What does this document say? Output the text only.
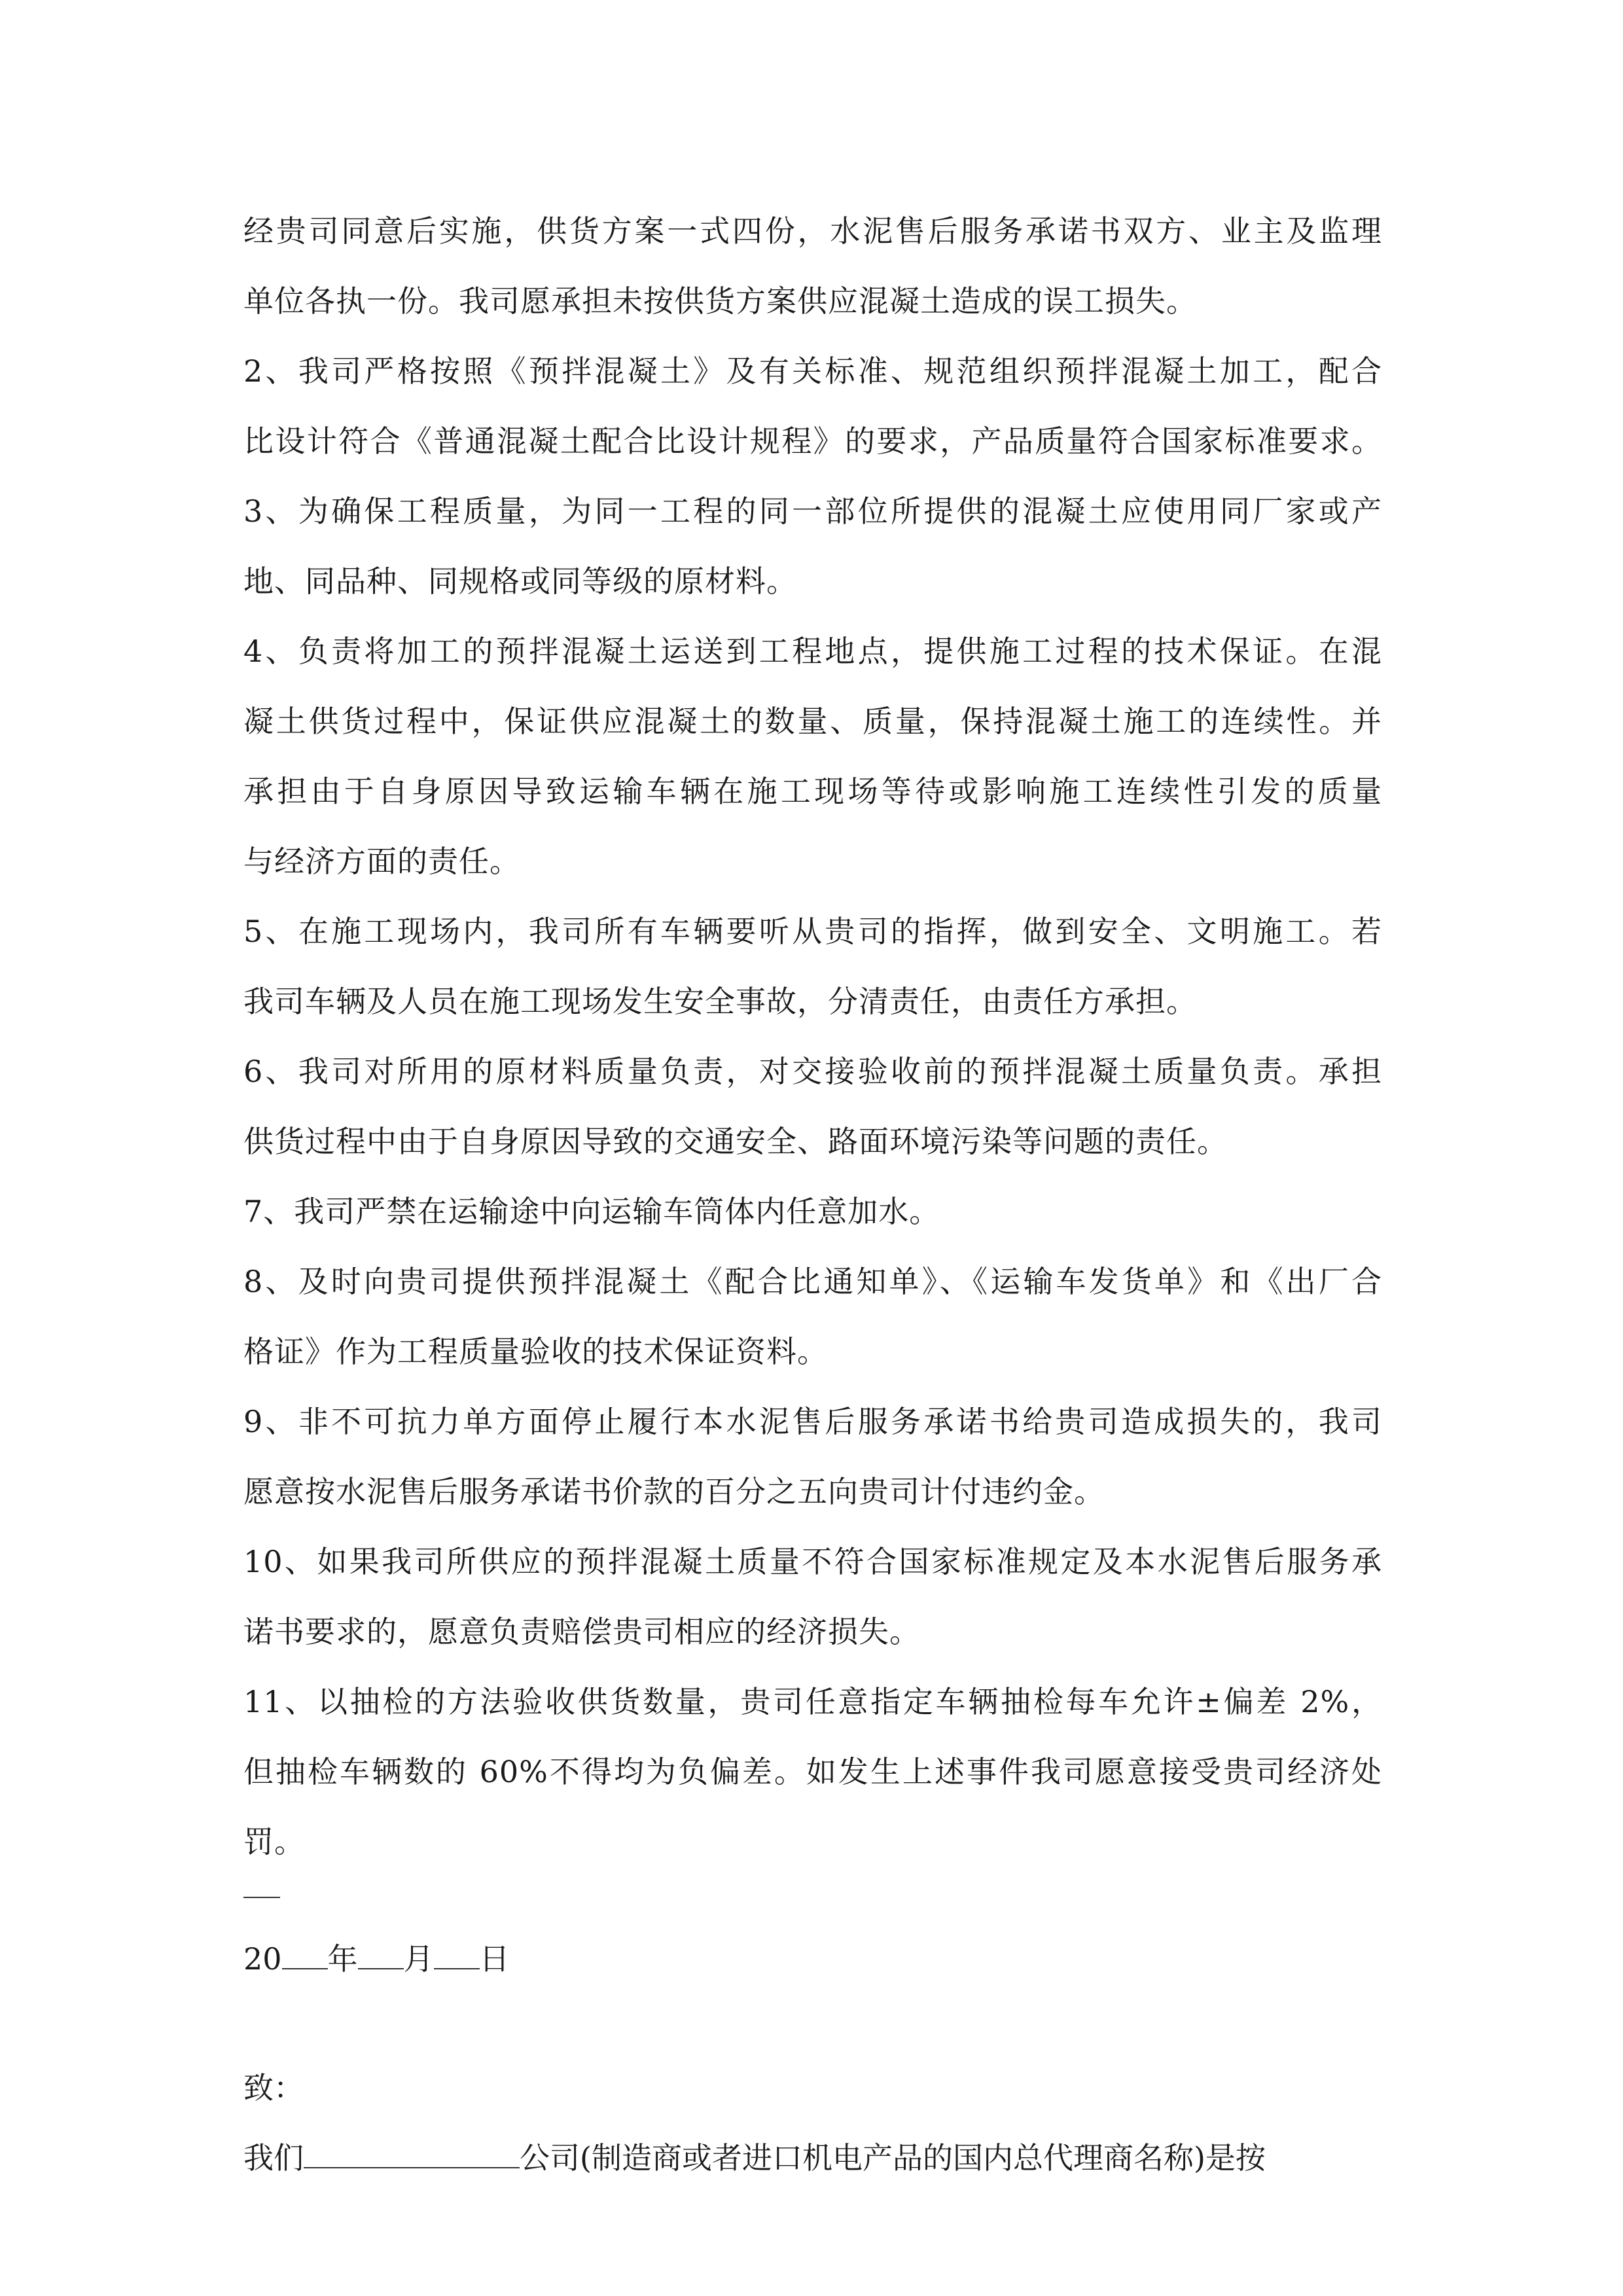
经贵司同意后实施，供货方案一式四份，水泥售后服务承诺书双方、业主及监理
单位各执一份。我司愿承担未按供货方案供应混凝土造成的误工损失。
2、我司严格按照《预拌混凝土》及有关标准、规范组织预拌混凝土加工，配合
比设计符合《普通混凝土配合比设计规程》的要求，产品质量符合国家标准要求。
3、为确保工程质量，为同一工程的同一部位所提供的混凝土应使用同厂家或产
地、同品种、同规格或同等级的原材料。
4、负责将加工的预拌混凝土运送到工程地点，提供施工过程的技术保证。在混
凝土供货过程中，保证供应混凝土的数量、质量，保持混凝土施工的连续性。并
承担由于自身原因导致运输车辆在施工现场等待或影响施工连续性引发的质量
与经济方面的责任。
5、在施工现场内，我司所有车辆要听从贵司的指挥，做到安全、文明施工。若
我司车辆及人员在施工现场发生安全事故，分清责任，由责任方承担。
6、我司对所用的原材料质量负责，对交接验收前的预拌混凝土质量负责。承担
供货过程中由于自身原因导致的交通安全、路面环境污染等问题的责任。
7、我司严禁在运输途中向运输车筒体内任意加水。
8、及时向贵司提供预拌混凝土《配合比通知单》、《运输车发货单》和《出厂合
格证》作为工程质量验收的技术保证资料。
9、非不可抗力单方面停止履行本水泥售后服务承诺书给贵司造成损失的，我司
愿意按水泥售后服务承诺书价款的百分之五向贵司计付违约金。
10、如果我司所供应的预拌混凝土质量不符合国家标准规定及本水泥售后服务承
诺书要求的，愿意负责赔偿贵司相应的经济损失。
11、以抽检的方法验收供货数量，贵司任意指定车辆抽检每车允许±偏差 2%，
但抽检车辆数的 60%不得均为负偏差。如发生上述事件我司愿意接受贵司经济处
罚。
20 年 月 日
致：
我们	公司(制造商或者进口机电产品的国内总代理商名称)是按
